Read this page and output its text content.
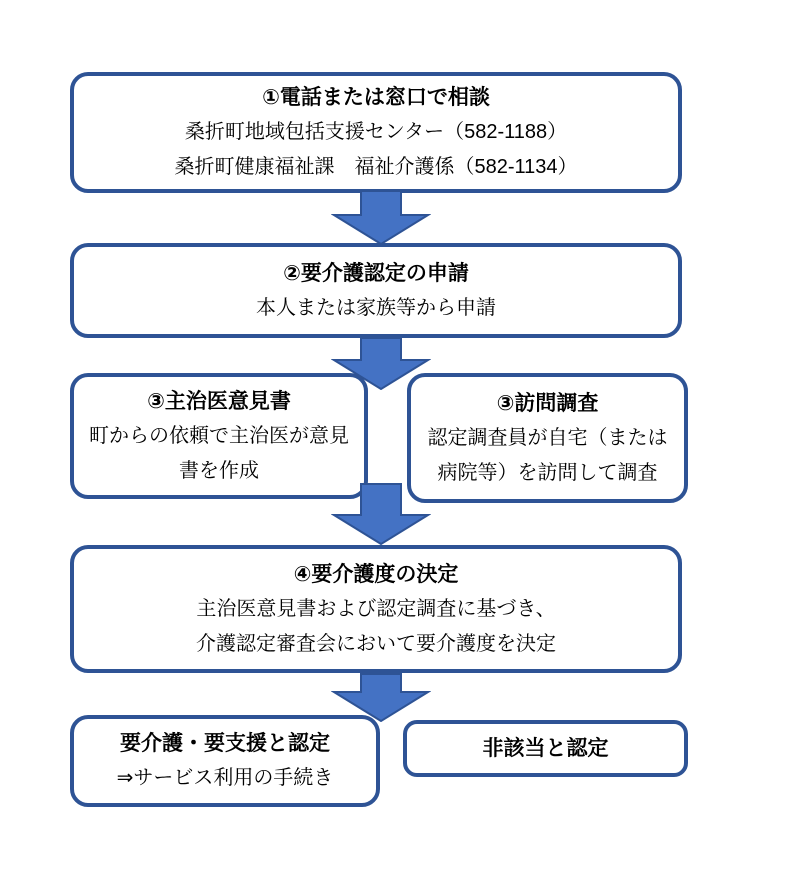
①電話または窓口で相談
桑折町地域包括支援センター（582-1188）
桑折町健康福祉課　福祉介護係（582-1134）
②要介護認定の申請
本人または家族等から申請
③主治医意見書
町からの依頼で主治医が意見
書を作成
③訪問調査
認定調査員が自宅（または
病院等）を訪問して調査
④要介護度の決定
主治医意見書および認定調査に基づき、
介護認定審査会において要介護度を決定
要介護・要支援と認定
⇒サービス利用の手続き
非該当と認定
